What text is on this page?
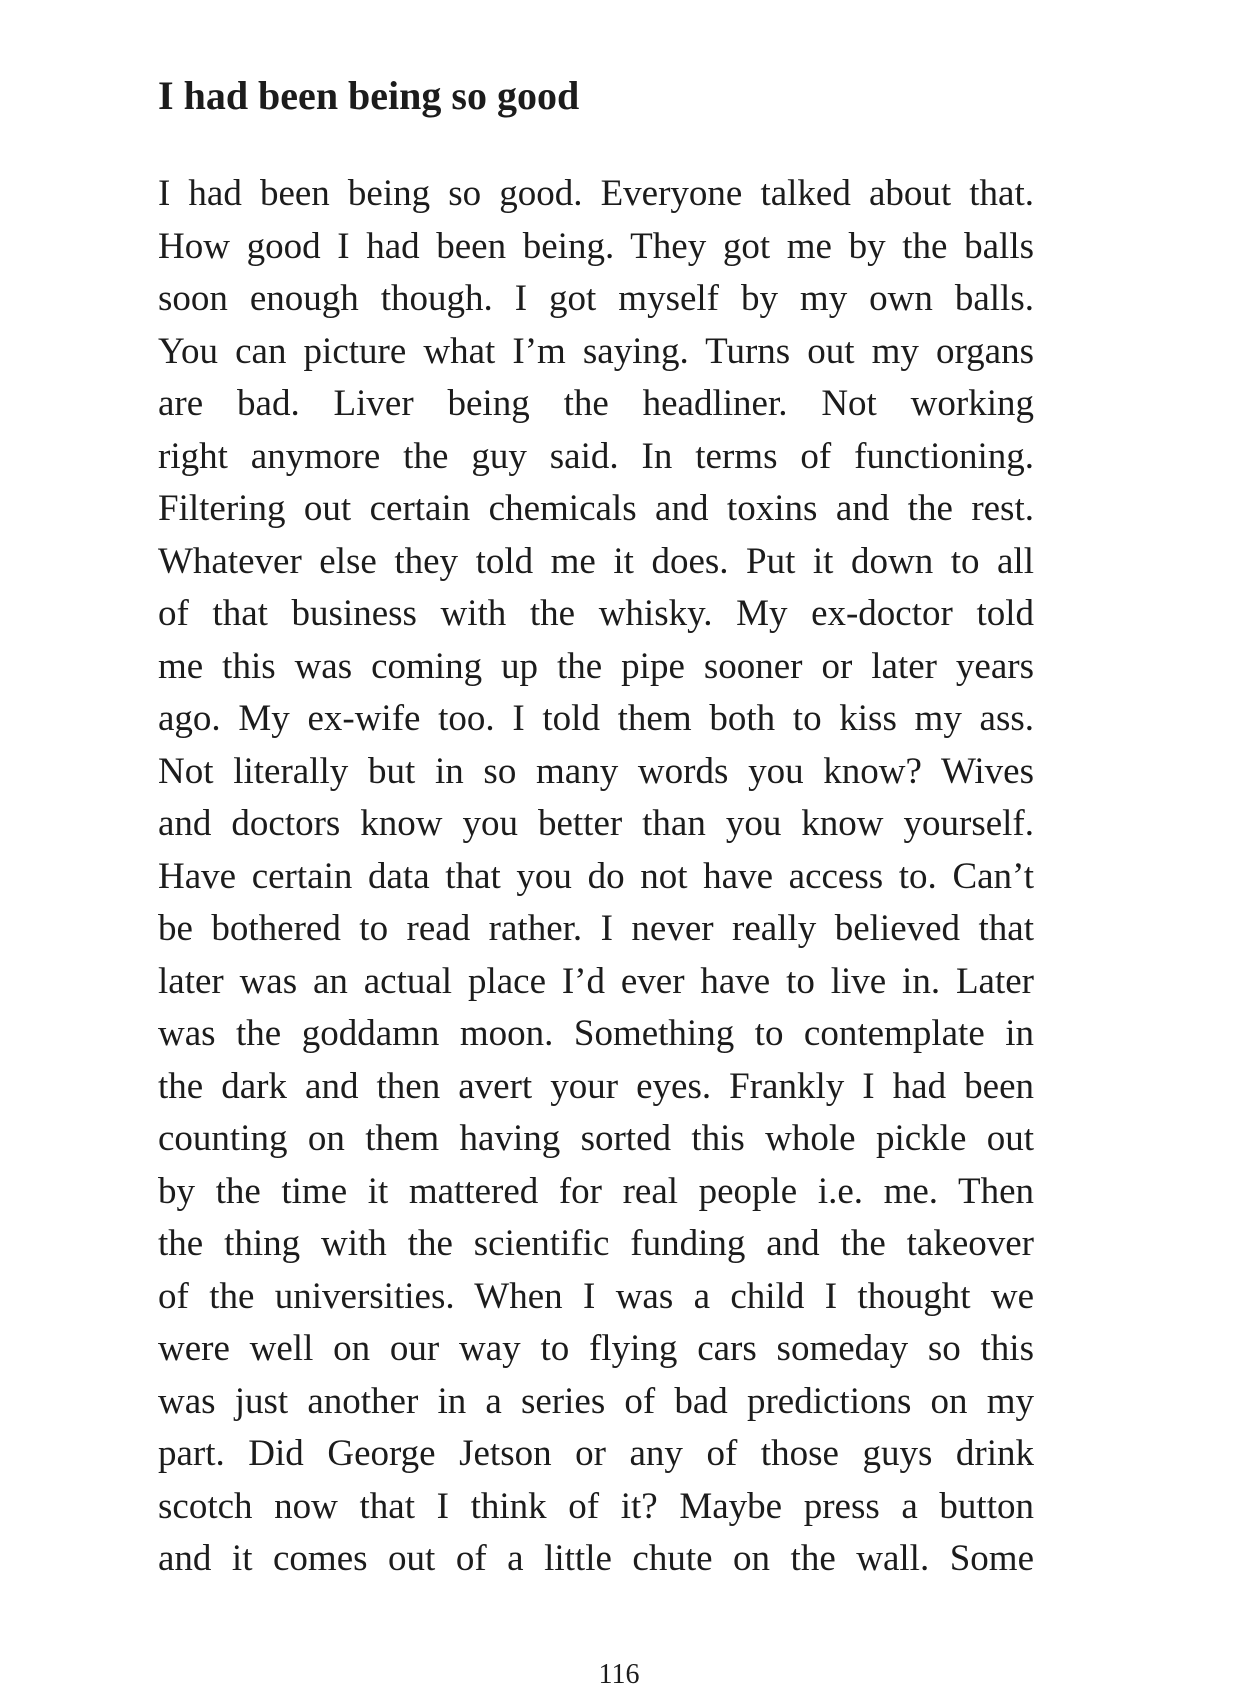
I had been being so good
I had been being so good. Everyone talked about that.
How good I had been being. They got me by the balls
soon enough though. I got myself by my own balls.
You can picture what I’m saying. Turns out my organs
are bad. Liver being the headliner. Not working
right anymore the guy said. In terms of functioning.
Filtering out certain chemicals and toxins and the rest.
Whatever else they told me it does. Put it down to all
of that business with the whisky. My ex-doctor told
me this was coming up the pipe sooner or later years
ago. My ex-wife too. I told them both to kiss my ass.
Not literally but in so many words you know? Wives
and doctors know you better than you know yourself.
Have certain data that you do not have access to. Can’t
be bothered to read rather. I never really believed that
later was an actual place I’d ever have to live in. Later
was the goddamn moon. Something to contemplate in
the dark and then avert your eyes. Frankly I had been
counting on them having sorted this whole pickle out
by the time it mattered for real people i.e. me. Then
the thing with the scientific funding and the takeover
of the universities. When I was a child I thought we
were well on our way to flying cars someday so this
was just another in a series of bad predictions on my
part. Did George Jetson or any of those guys drink
scotch now that I think of it? Maybe press a button
and it comes out of a little chute on the wall. Some
116
